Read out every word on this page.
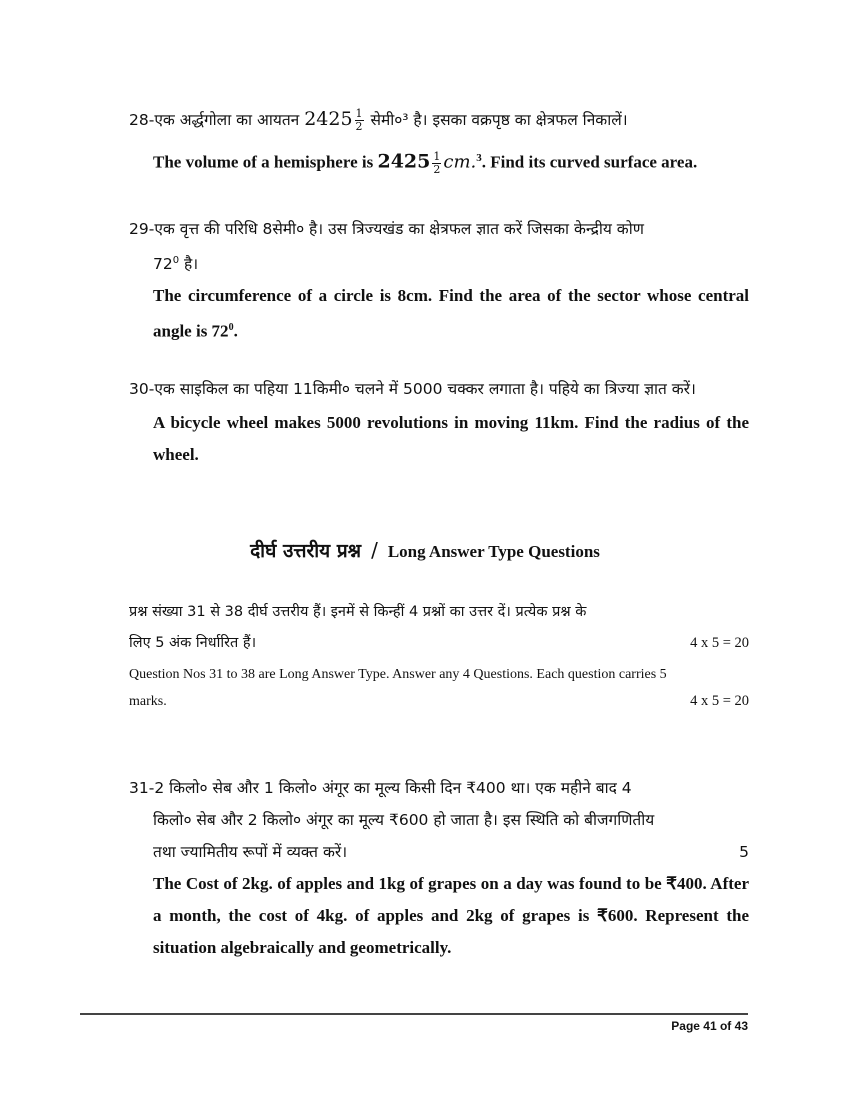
28-एक अर्द्धगोला का आयतन $2425 \frac{1}{2}$ सेमी०³ है। इसका वक्रपृष्ठ का क्षेत्रफल निकालें।
The volume of a hemisphere is $2425 \frac{1}{2} cm.^3$. Find its curved surface area.
29-एक वृत्त की परिधि 8सेमी० है। उस त्रिज्यखंड का क्षेत्रफल ज्ञात करें जिसका केन्द्रीय कोण
$72^0$ है।
The circumference of a circle is 8cm. Find the area of the sector whose central angle is $72^0$.
30-एक साइकिल का पहिया 11किमी० चलने में 5000 चक्कर लगाता है। पहिये का त्रिज्या ज्ञात करें।
A bicycle wheel makes 5000 revolutions in moving 11km. Find the radius of the wheel.
दीर्घ उत्तरीय प्रश्न / Long Answer Type Questions
प्रश्न संख्या 31 से 38 दीर्घ उत्तरीय हैं। इनमें से किन्हीं 4 प्रश्नों का उत्तर दें। प्रत्येक प्रश्न के
लिए 5 अंक निर्धारित हैं।	4 x 5 = 20
Question Nos 31 to 38 are Long Answer Type. Answer any 4 Questions. Each question carries 5
marks.	4 x 5 = 20
31-2 किलो० सेब और 1 किलो० अंगूर का मूल्य किसी दिन ₹400 था। एक महीने बाद 4
किलो० सेब और 2 किलो० अंगूर का मूल्य ₹600 हो जाता है। इस स्थिति को बीजगणितीय
तथा ज्यामितीय रूपों में व्यक्त करें।	5
The Cost of 2kg. of apples and 1kg of grapes on a day was found to be ₹400. After a month, the cost of 4kg. of apples and 2kg of grapes is ₹600. Represent the situation algebraically and geometrically.
Page 41 of 43
